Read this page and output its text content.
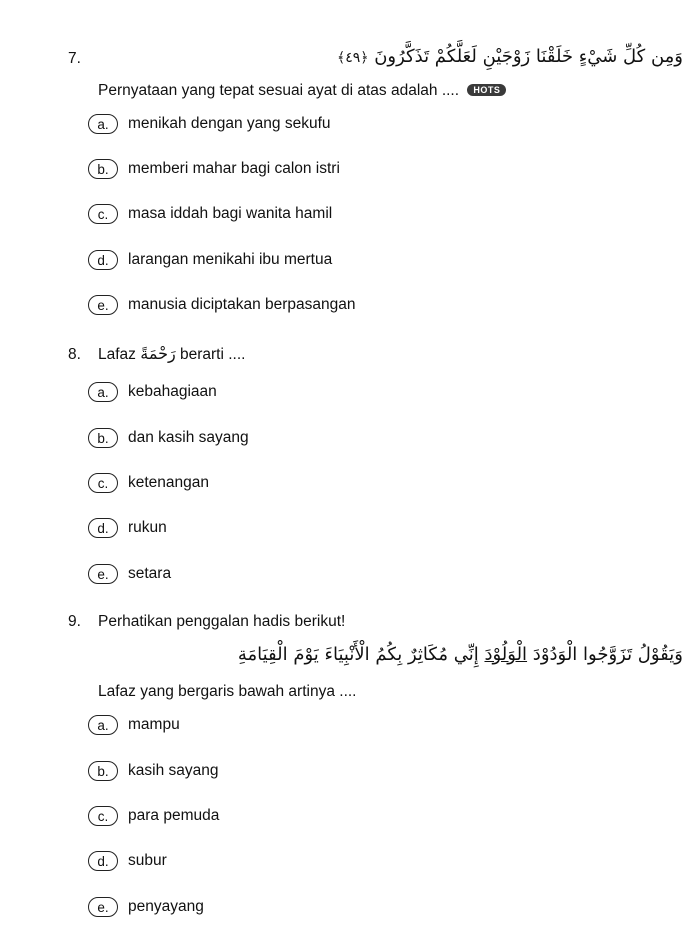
7.	وَمِن كُلِّ شَيْءٍ خَلَقْنَا زَوْجَيْنِ لَعَلَّكُمْ تَذَكَّرُونَ ﴿٤٩﴾
Pernyataan yang tepat sesuai ayat di atas adalah .... HOTS
a.	menikah dengan yang sekufu
b.	memberi mahar bagi calon istri
c.	masa iddah bagi wanita hamil
d.	larangan menikahi ibu mertua
e.	manusia diciptakan berpasangan
8. Lafaz رَحْمَةً berarti ....
a.	kebahagiaan
b.	dan kasih sayang
c.	ketenangan
d.	rukun
e.	setara
9. Perhatikan penggalan hadis berikut!
وَيَقُوْلُ تَزَوَّجُوا الْوَدُوْدَ الْوَلُوْدَ إِنِّي مُكَاثِرٌ بِكُمُ الْأَنْبِيَاءَ يَوْمَ الْقِيَامَةِ
Lafaz yang bergaris bawah artinya ....
a.	mampu
b.	kasih sayang
c.	para pemuda
d.	subur
e.	penyayang
